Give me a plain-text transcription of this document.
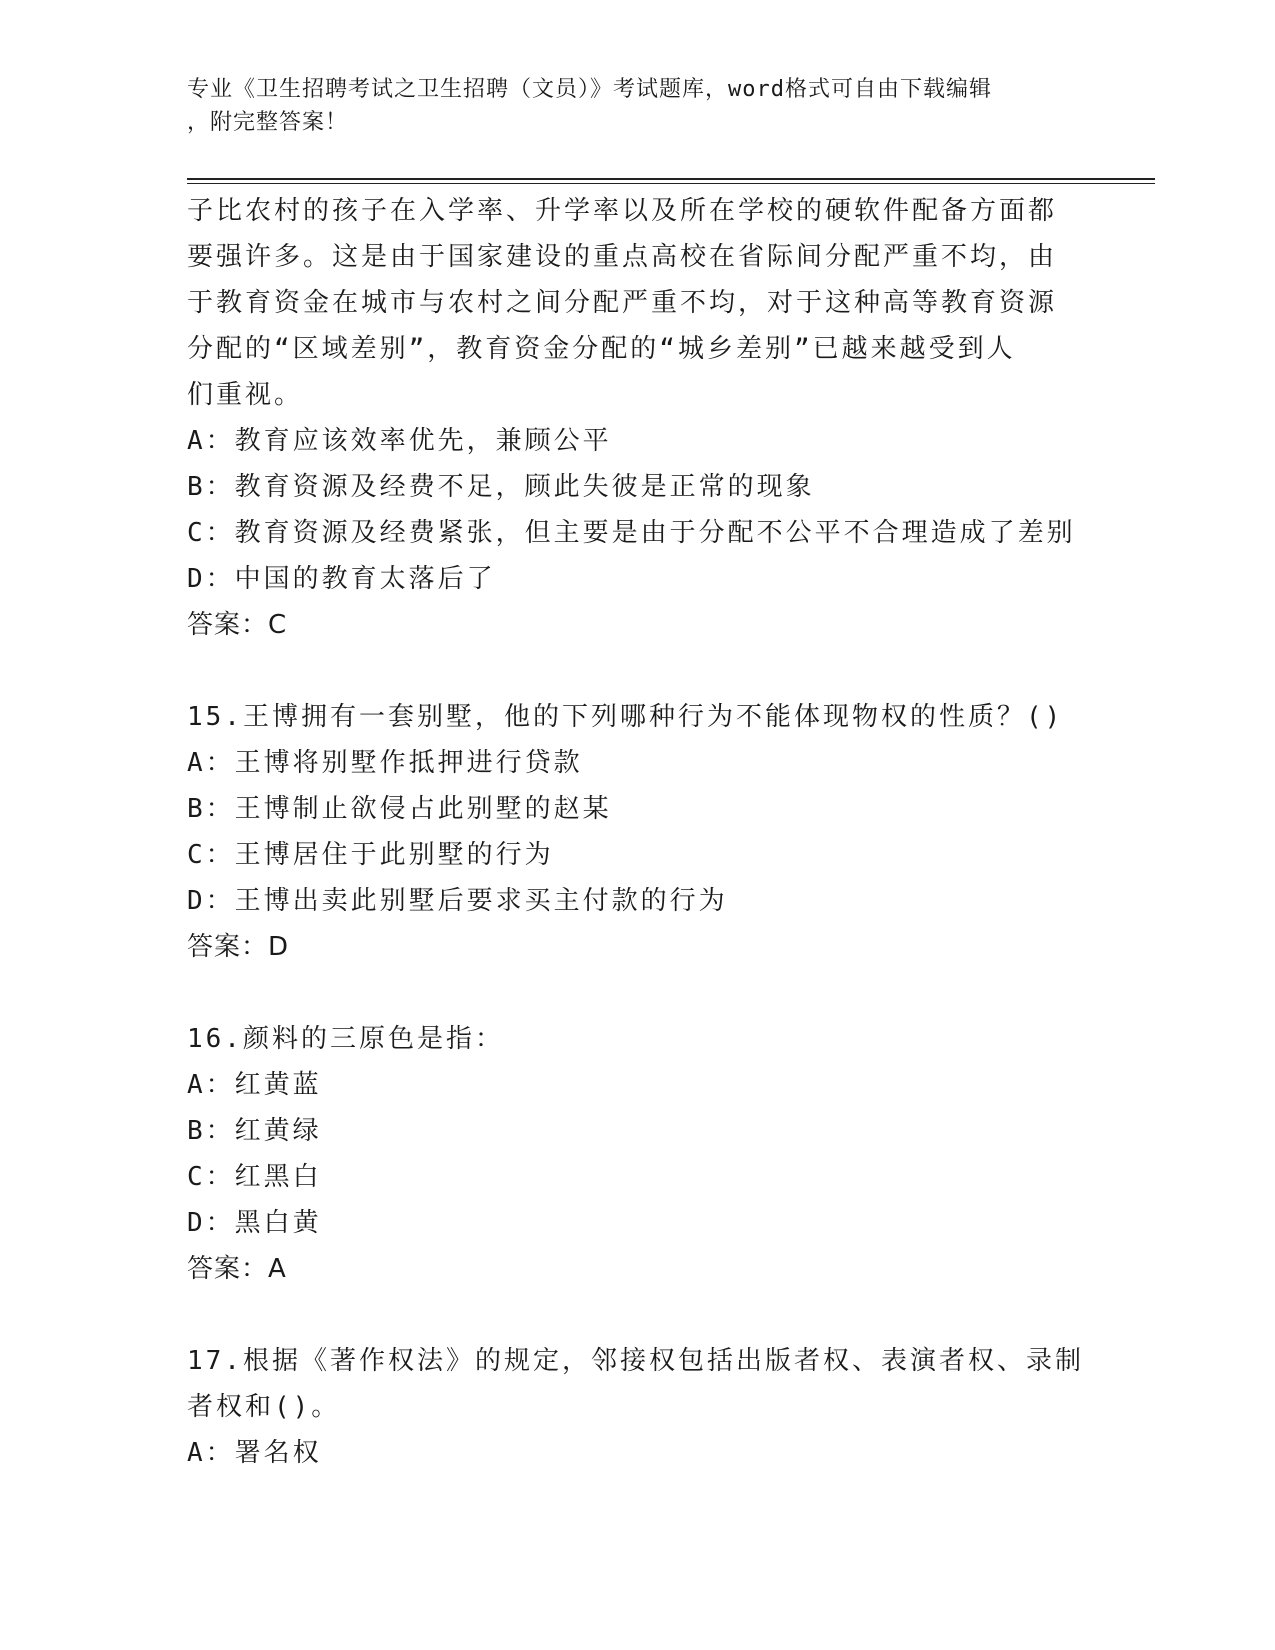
专业《卫生招聘考试之卫生招聘（文员）》考试题库，word格式可自由下载编辑
，附完整答案！
子比农村的孩子在入学率、升学率以及所在学校的硬软件配备方面都
要强许多。这是由于国家建设的重点高校在省际间分配严重不均，由
于教育资金在城市与农村之间分配严重不均，对于这种高等教育资源
分配的“区域差别”，教育资金分配的“城乡差别”已越来越受到人
们重视。
A：教育应该效率优先，兼顾公平
B：教育资源及经费不足，顾此失彼是正常的现象
C：教育资源及经费紧张，但主要是由于分配不公平不合理造成了差别
D：中国的教育太落后了
答案：C
15.王博拥有一套别墅，他的下列哪种行为不能体现物权的性质？()
A：王博将别墅作抵押进行贷款
B：王博制止欲侵占此别墅的赵某
C：王博居住于此别墅的行为
D：王博出卖此别墅后要求买主付款的行为
答案：D
16.颜料的三原色是指：
A：红黄蓝
B：红黄绿
C：红黑白
D：黑白黄
答案：A
17.根据《著作权法》的规定，邻接权包括出版者权、表演者权、录制
者权和()。
A：署名权
